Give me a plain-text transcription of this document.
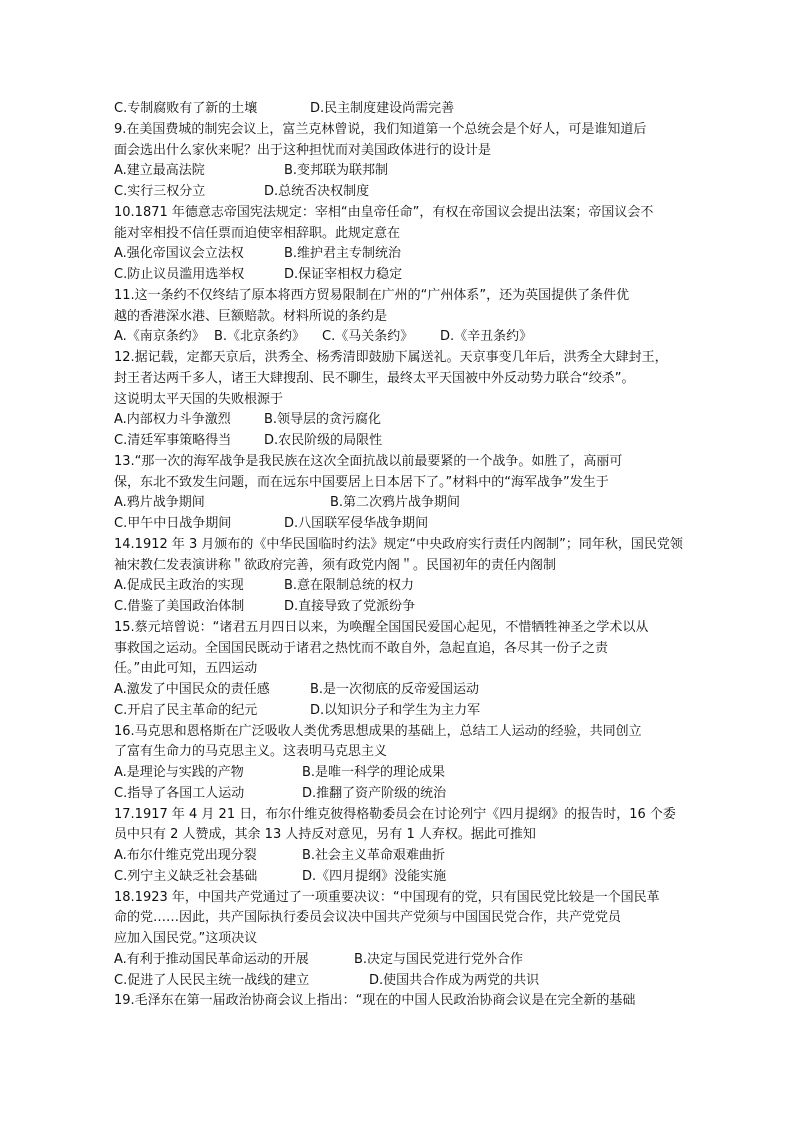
C.专制腐败有了新的土壤	D.民主制度建设尚需完善
9.在美国费城的制宪会议上，富兰克林曾说，我们知道第一个总统会是个好人，可是谁知道后
面会选出什么家伙来呢？出于这种担忧而对美国政体进行的设计是
A.建立最高法院	B.变邦联为联邦制
C.实行三权分立	D.总统否决权制度
10.1871 年德意志帝国宪法规定：宰相“由皇帝任命”，有权在帝国议会提出法案；帝国议会不
能对宰相投不信任票而迫使宰相辞职。此规定意在
A.强化帝国议会立法权	B.维护君主专制统治
C.防止议员滥用选举权	D.保证宰相权力稳定
11.这一条约不仅终结了原本将西方贸易限制在广州的“广州体系”，还为英国提供了条件优
越的香港深水港、巨额赔款。材料所说的条约是
A.《南京条约》 B.《北京条约》 C.《马关条约》 D.《辛丑条约》
12.据记载，定都天京后，洪秀全、杨秀清即鼓励下属送礼。天京事变几年后，洪秀全大肆封王，
封王者达两千多人，诸王大肆搜刮、民不聊生，最终太平天国被中外反动势力联合“绞杀”。
这说明太平天国的失败根源于
A.内部权力斗争激烈	B.领导层的贪污腐化
C.清廷军事策略得当	D.农民阶级的局限性
13.“那一次的海军战争是我民族在这次全面抗战以前最要紧的一个战争。如胜了，高丽可
保，东北不致发生问题，而在远东中国要居上日本居下了。”材料中的“海军战争”发生于
A.鸦片战争期间	B.第二次鸦片战争期间
C.甲午中日战争期间	D.八国联军侵华战争期间
14.1912 年 3 月颁布的《中华民国临时约法》规定“中央政府实行责任内阁制”；同年秋，国民党领
袖宋教仁发表演讲称＂欲政府完善，须有政党内阁＂。民国初年的责任内阁制
A.促成民主政治的实现	B.意在限制总统的权力
C.借鉴了美国政治体制	D.直接导致了党派纷争
15.蔡元培曾说：“诸君五月四日以来，为唤醒全国国民爱国心起见，不惜牺牲神圣之学术以从
事救国之运动。全国国民既动于诸君之热忱而不敢自外，急起直追，各尽其一份子之责
任。”由此可知，五四运动
A.激发了中国民众的责任感	B.是一次彻底的反帝爱国运动
C.开启了民主革命的纪元	D.以知识分子和学生为主力军
16.马克思和恩格斯在广泛吸收人类优秀思想成果的基础上，总结工人运动的经验，共同创立
了富有生命力的马克思主义。这表明马克思主义
A.是理论与实践的产物	B.是唯一科学的理论成果
C.指导了各国工人运动	D.推翻了资产阶级的统治
17.1917 年 4 月 21 日，布尔什维克彼得格勒委员会在讨论列宁《四月提纲》的报告时，16 个委
员中只有 2 人赞成，其余 13 人持反对意见，另有 1 人弃权。据此可推知
A.布尔什维克党出现分裂	B.社会主义革命艰难曲折
C.列宁主义缺乏社会基础	D.《四月提纲》没能实施
18.1923 年，中国共产党通过了一项重要决议：“中国现有的党，只有国民党比较是一个国民革
命的党……因此，共产国际执行委员会议决中国共产党须与中国国民党合作，共产党党员
应加入国民党。”这项决议
A.有利于推动国民革命运动的开展	B.决定与国民党进行党外合作
C.促进了人民民主统一战线的建立	D.使国共合作成为两党的共识
19.毛泽东在第一届政治协商会议上指出：“现在的中国人民政治协商会议是在完全新的基础
